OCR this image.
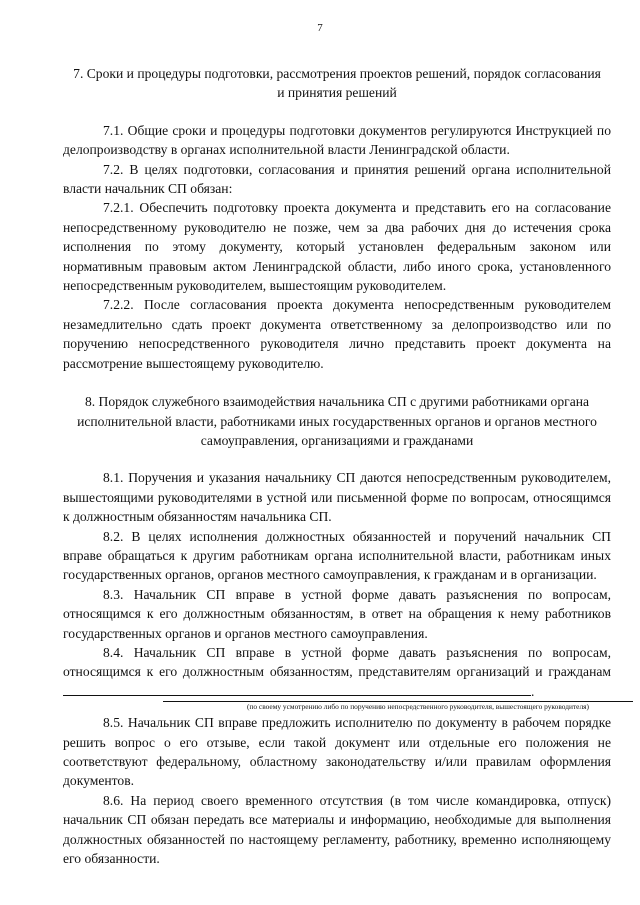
7

7. Сроки и процедуры подготовки, рассмотрения проектов решений, порядок согласования и принятия решений

7.1. Общие сроки и процедуры подготовки документов регулируются Инструкцией по делопроизводству в органах исполнительной власти Ленинградской области.

7.2. В целях подготовки, согласования и принятия решений органа исполнительной власти начальник СП обязан:

7.2.1. Обеспечить подготовку проекта документа и представить его на согласование непосредственному руководителю не позже, чем за два рабочих дня до истечения срока исполнения по этому документу, который установлен федеральным законом или нормативным правовым актом Ленинградской области, либо иного срока, установленного непосредственным руководителем, вышестоящим руководителем.

7.2.2. После согласования проекта документа непосредственным руководителем незамедлительно сдать проект документа ответственному за делопроизводство или по поручению непосредственного руководителя лично представить проект документа на рассмотрение вышестоящему руководителю.

8. Порядок служебного взаимодействия начальника СП с другими работниками органа исполнительной власти, работниками иных государственных органов и органов местного самоуправления, организациями и гражданами

8.1. Поручения и указания начальнику СП даются непосредственным руководителем, вышестоящими руководителями в устной или письменной форме по вопросам, относящимся к должностным обязанностям начальника СП.

8.2. В целях исполнения должностных обязанностей и поручений начальник СП вправе обращаться к другим работникам органа исполнительной власти, работникам иных государственных органов, органов местного самоуправления, к гражданам и в организации.

8.3. Начальник СП вправе в устной форме давать разъяснения по вопросам, относящимся к его должностным обязанностям, в ответ на обращения к нему работников государственных органов и органов местного самоуправления.

8.4. Начальник СП вправе в устной форме давать разъяснения по вопросам, относящимся к его должностным обязанностям, представителям организаций и гражданам .

(по своему усмотрению либо по поручению непосредственного руководителя, вышестоящего руководителя)

8.5. Начальник СП вправе предложить исполнителю по документу в рабочем порядке решить вопрос о его отзыве, если такой документ или отдельные его положения не соответствуют федеральному, областному законодательству и/или правилам оформления документов.

8.6. На период своего временного отсутствия (в том числе командировка, отпуск) начальник СП обязан передать все материалы и информацию, необходимые для выполнения должностных обязанностей по настоящему регламенту, работнику, временно исполняющему его обязанности.
